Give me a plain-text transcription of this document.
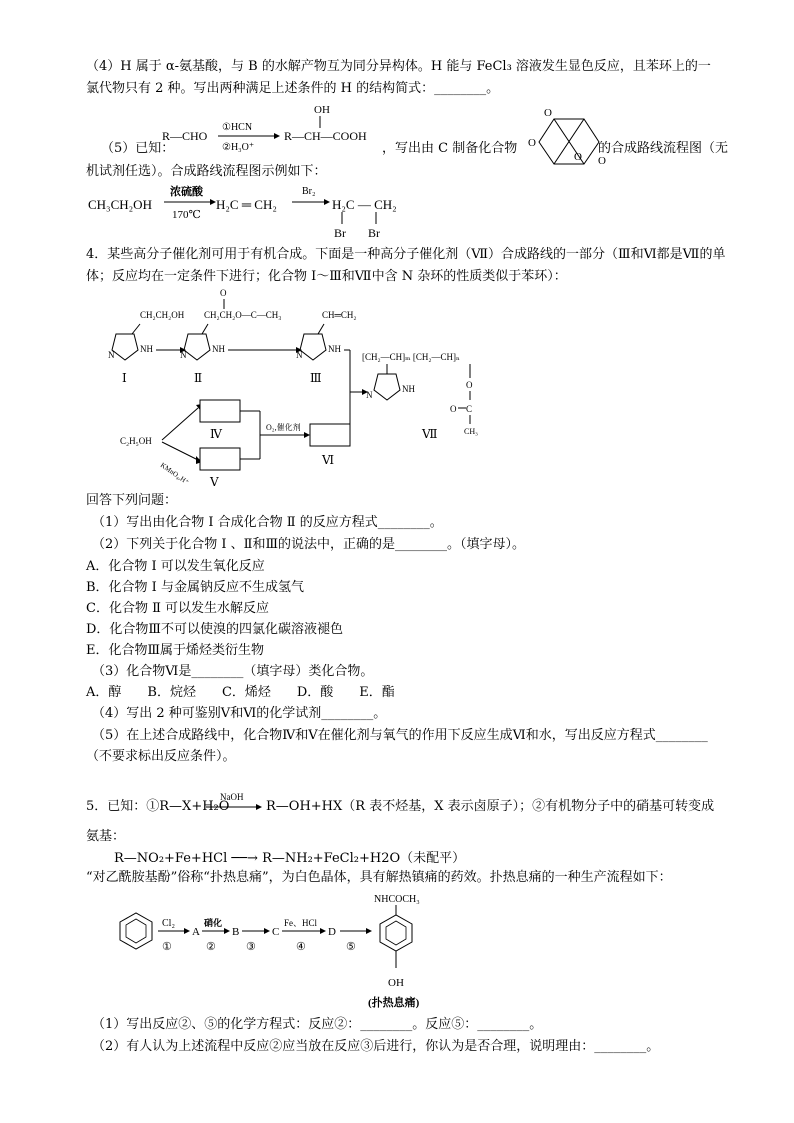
（4）H 属于 α-氨基酸，与 B 的水解产物互为同分异构体。H 能与 FeCl₃ 溶液发生显色反应，且苯环上的一
氯代物只有 2 种。写出两种满足上述条件的 H 的结构简式：________。
（5）已知：
R—CHO
①HCN
②H₃O⁺
OH
R—CH—COOH
，写出由 C 制备化合物 O
O
O
O
的合成路线流程图（无
机试剂任选）。合成路线流程图示例如下：
CH₃CH₂OH
浓硫酸
170℃
H₂C ═ CH₂
Br₂
H₂C — CH₂
Br Br
4．某些高分子催化剂可用于有机合成。下面是一种高分子催化剂（Ⅶ）合成路线的一部分（Ⅲ和Ⅵ都是Ⅶ的单
体；反应均在一定条件下进行；化合物 Ⅰ～Ⅲ和Ⅶ中含 N 杂环的性质类似于苯环）：
CH₂CH₂OH
N
NH
Ⅰ
O
CH₂CH₂O—C—CH₃
N
NH
Ⅱ
CH═CH₂
N
NH
Ⅲ
[CH₂—CH]ₘ [CH₂—CH]ₙ
N
NH	O
O C
CH₃
Ⅶ
C₂H₅OH
KMnO₄,H⁺
Ⅳ
Ⅴ
O₂,催化剂
Ⅵ
回答下列问题：
（1）写出由化合物 Ⅰ 合成化合物 Ⅱ 的反应方程式________。
（2）下列关于化合物 Ⅰ 、Ⅱ和Ⅲ的说法中，正确的是________。（填字母）。
A．化合物 Ⅰ 可以发生氧化反应
B．化合物 Ⅰ 与金属钠反应不生成氢气
C．化合物 Ⅱ 可以发生水解反应
D．化合物Ⅲ不可以使溴的四氯化碳溶液褪色
E．化合物Ⅲ属于烯烃类衍生物
（3）化合物Ⅵ是________（填字母）类化合物。
A．醇　　B．烷烃　　C．烯烃　　D．酸　　E．酯
（4）写出 2 种可鉴别Ⅴ和Ⅵ的化学试剂________。
（5）在上述合成路线中，化合物Ⅳ和Ⅴ在催化剂与氧气的作用下反应生成Ⅵ和水，写出反应方程式________
（不要求标出反应条件）。
5．已知：①R—X+H₂O
NaOH
R—OH+HX（R 表不烃基，X 表示卤原子）；②有机物分子中的硝基可转变成
氨基：
R—NO₂+Fe+HCl ──→ R—NH₂+FeCl₂+H2O（未配平）
“对乙酰胺基酚”俗称“扑热息痛”，为白色晶体，具有解热镇痛的药效。扑热息痛的一种生产流程如下：
Cl₂
①
A
硝化
②
B
③
C
Fe、HCl
④
D
⑤
NHCOCH₃
OH
(扑热息痛)
（1）写出反应②、⑤的化学方程式：反应②：________。反应⑤：________。
（2）有人认为上述流程中反应②应当放在反应③后进行，你认为是否合理，说明理由：________。
